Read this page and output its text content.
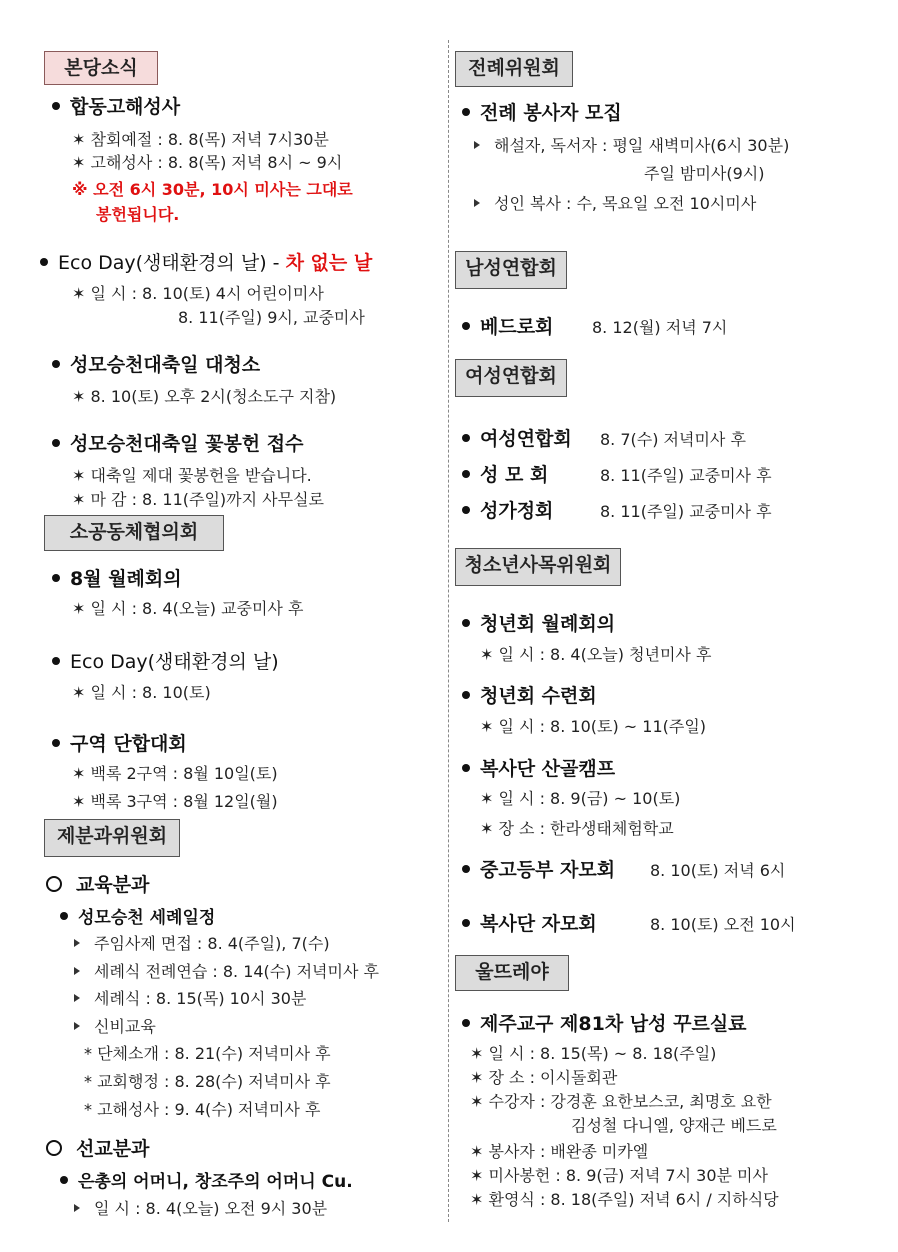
본당소식
합동고해성사
✶ 참회예절 : 8. 8(목) 저녁 7시30분
✶ 고해성사 : 8. 8(목) 저녁 8시 ~ 9시
※ 오전 6시 30분, 10시 미사는 그대로
봉헌됩니다.
Eco Day(생태환경의 날) - 차 없는 날
✶ 일 시 : 8. 10(토) 4시 어린이미사
8. 11(주일) 9시, 교중미사
성모승천대축일 대청소
✶ 8. 10(토) 오후 2시(청소도구 지참)
성모승천대축일 꽃봉헌 접수
✶ 대축일 제대 꽃봉헌을 받습니다.
✶ 마 감 : 8. 11(주일)까지 사무실로
소공동체협의회
8월 월례회의
✶ 일 시 : 8. 4(오늘) 교중미사 후
Eco Day(생태환경의 날)
✶ 일 시 : 8. 10(토)
구역 단합대회
✶ 백록 2구역 : 8월 10일(토)
✶ 백록 3구역 : 8월 12일(월)
제분과위원회
교육분과
성모승천 세례일정
주임사제 면접 : 8. 4(주일), 7(수)
세례식 전례연습 : 8. 14(수) 저녁미사 후
세례식 : 8. 15(목) 10시 30분
신비교육
* 단체소개 : 8. 21(수) 저녁미사 후
* 교회행정 : 8. 28(수) 저녁미사 후
* 고해성사 : 9. 4(수) 저녁미사 후
선교분과
은총의 어머니, 창조주의 어머니 Cu.
일 시 : 8. 4(오늘) 오전 9시 30분
전례위원회
전례 봉사자 모집
해설자, 독서자 : 평일 새벽미사(6시 30분)
주일 밤미사(9시)
성인 복사 : 수, 목요일 오전 10시미사
남성연합회
베드로회 8. 12(월) 저녁 7시
여성연합회
여성연합회 8. 7(수) 저녁미사 후
성 모 회	8. 11(주일) 교중미사 후
성가정회	8. 11(주일) 교중미사 후
청소년사목위원회
청년회 월례회의
✶ 일 시 : 8. 4(오늘) 청년미사 후
청년회 수련회
✶ 일 시 : 8. 10(토) ~ 11(주일)
복사단 산골캠프
✶ 일 시 : 8. 9(금) ~ 10(토)
✶ 장 소 : 한라생태체험학교
중고등부 자모회 8. 10(토) 저녁 6시
복사단 자모회	8. 10(토) 오전 10시
울뜨레야
제주교구 제81차 남성 꾸르실료
✶ 일 시 : 8. 15(목) ~ 8. 18(주일)
✶ 장 소 : 이시돌회관
✶ 수강자 : 강경훈 요한보스코, 최명호 요한
김성철 다니엘, 양재근 베드로
✶ 봉사자 : 배완종 미카엘
✶ 미사봉헌 : 8. 9(금) 저녁 7시 30분 미사
✶ 환영식 : 8. 18(주일) 저녁 6시 / 지하식당
